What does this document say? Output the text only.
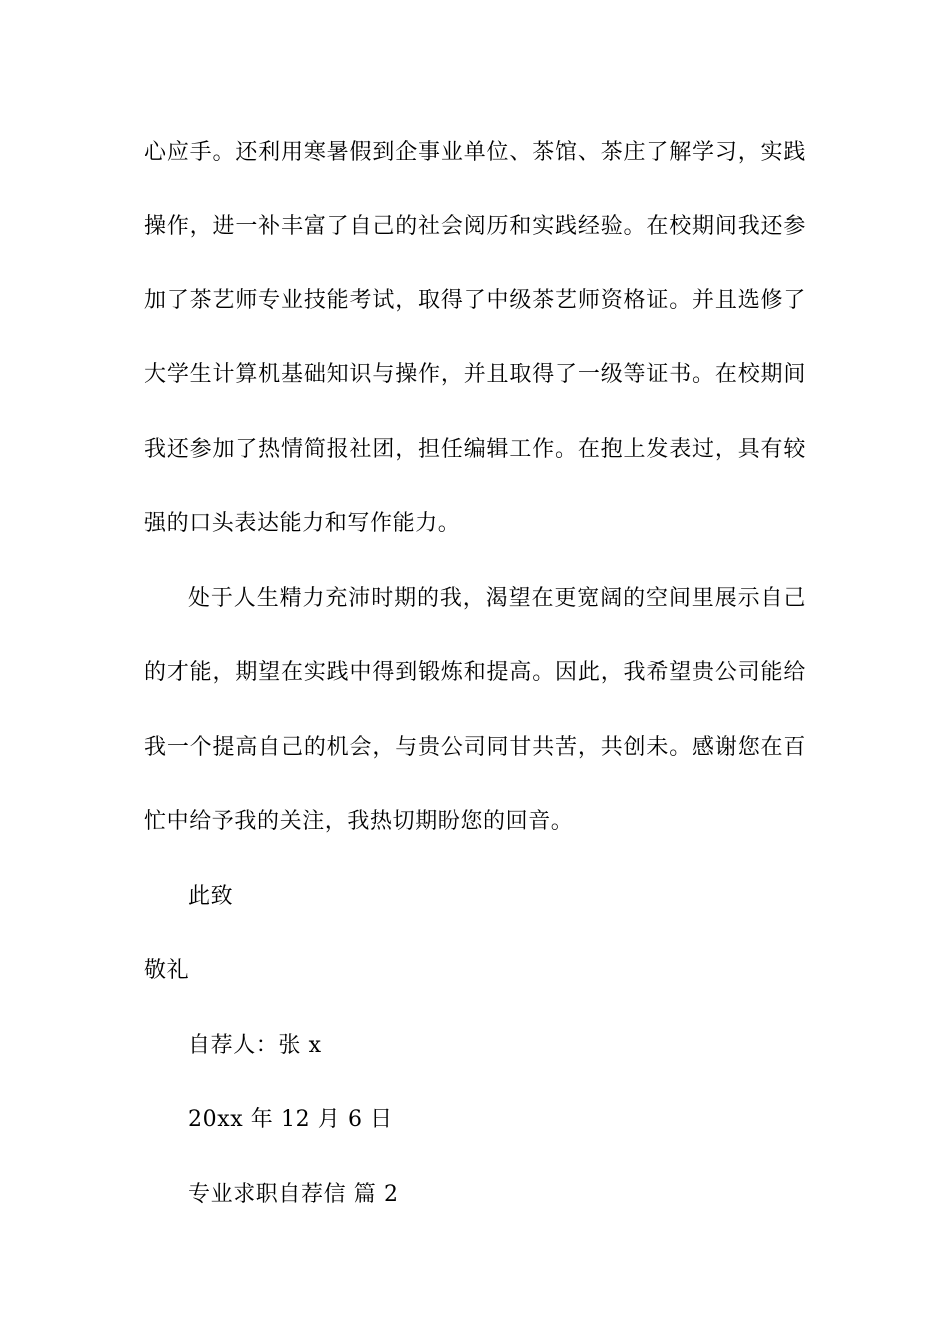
心应手。还利用寒暑假到企事业单位、茶馆、茶庄了解学习，实践
操作，进一补丰富了自己的社会阅历和实践经验。在校期间我还参
加了茶艺师专业技能考试，取得了中级茶艺师资格证。并且选修了
大学生计算机基础知识与操作，并且取得了一级等证书。在校期间
我还参加了热情简报社团，担任编辑工作。在抱上发表过，具有较
强的口头表达能力和写作能力。
处于人生精力充沛时期的我，渴望在更宽阔的空间里展示自己
的才能，期望在实践中得到锻炼和提高。因此，我希望贵公司能给
我一个提高自己的机会，与贵公司同甘共苦，共创未。感谢您在百
忙中给予我的关注，我热切期盼您的回音。
此致
敬礼
自荐人：张 x
20xx 年 12 月 6 日
专业求职自荐信 篇 2
